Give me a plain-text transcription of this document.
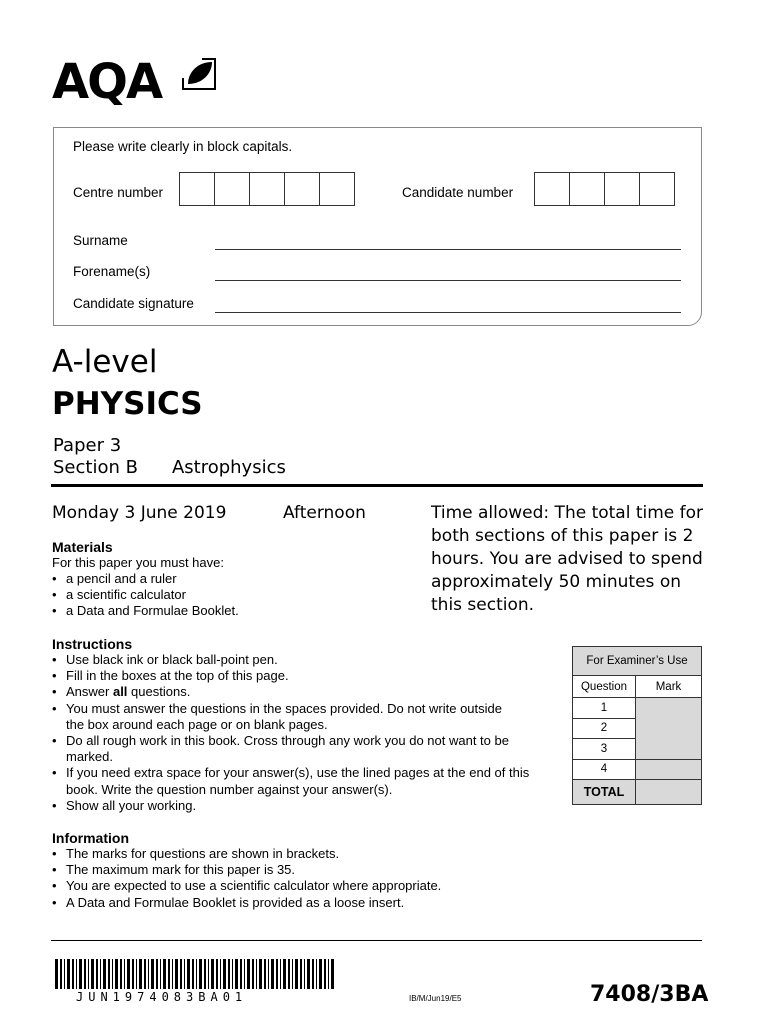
AQA
Please write clearly in block capitals.
Centre number	Candidate number
Surname
Forename(s)
Candidate signature
A-level
PHYSICS
Paper 3
Section B Astrophysics
Monday 3 June 2019	Afternoon	Time allowed: The total time for both sections of this paper is 2 hours. You are advised to spend approximately 50 minutes on this section.
Materials
For this paper you must have:
• a pencil and a ruler
• a scientific calculator
• a Data and Formulae Booklet.
Instructions
• Use black ink or black ball-point pen.
• Fill in the boxes at the top of this page.
• Answer all questions.
• You must answer the questions in the spaces provided. Do not write outside the box around each page or on blank pages.
• Do all rough work in this book. Cross through any work you do not want to be marked.
• If you need extra space for your answer(s), use the lined pages at the end of this book. Write the question number against your answer(s).
• Show all your working.
Information
• The marks for questions are shown in brackets.
• The maximum mark for this paper is 35.
• You are expected to use a scientific calculator where appropriate.
• A Data and Formulae Booklet is provided as a loose insert.
For Examiner’s Use	
Question	Mark
1	
2	
3	
4	
TOTAL	
JUN1974083BA01	IB/M/Jun19/E5	7408/3BA
